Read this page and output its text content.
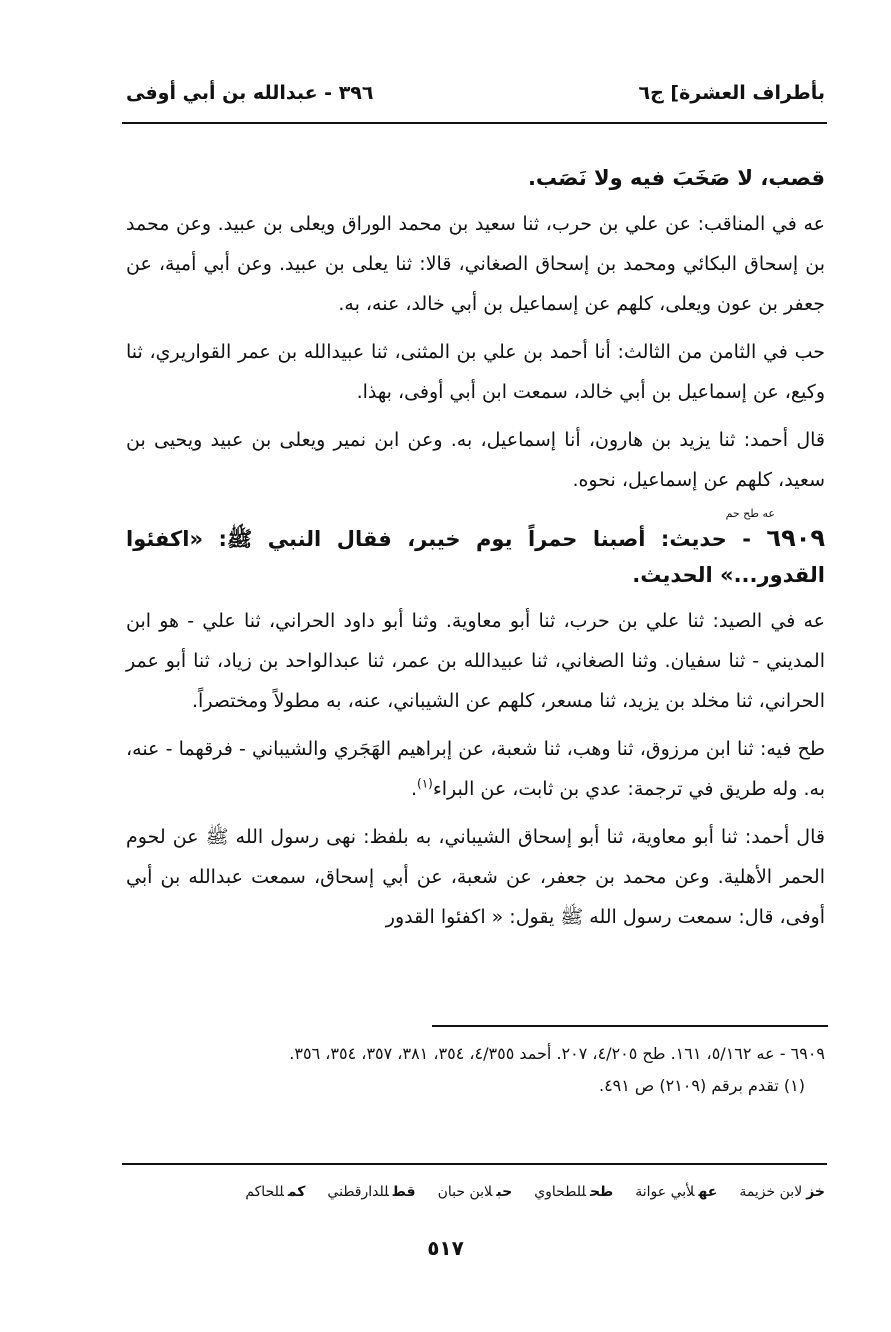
بأطراف العشرة] ج٦
٣٩٦ - عبدالله بن أبي أوفى

قصب، لا صَخَبَ فيه ولا نَصَب.

عه في المناقب: عن علي بن حرب، ثنا سعيد بن محمد الوراق ويعلى بن عبيد. وعن محمد بن إسحاق البكائي ومحمد بن إسحاق الصغاني، قالا: ثنا يعلى بن عبيد. وعن أبي أمية، عن جعفر بن عون ويعلى، كلهم عن إسماعيل بن أبي خالد، عنه، به.

حب في الثامن من الثالث: أنا أحمد بن علي بن المثنى، ثنا عبيدالله بن عمر القواريري، ثنا وكيع، عن إسماعيل بن أبي خالد، سمعت ابن أبي أوفى، بهذا.

قال أحمد: ثنا يزيد بن هارون، أنا إسماعيل، به. وعن ابن نمير ويعلى بن عبيد ويحيى بن سعيد، كلهم عن إسماعيل، نحوه.

عه طح حم
٦٩٠٩ - حديث: أصبنا حمراً يوم خيبر، فقال النبي ﷺ: «اكفئوا القدور...» الحديث.

عه في الصيد: ثنا علي بن حرب، ثنا أبو معاوية. وثنا أبو داود الحراني، ثنا علي - هو ابن المديني - ثنا سفيان. وثنا الصغاني، ثنا عبيدالله بن عمر، ثنا عبدالواحد بن زياد، ثنا أبو عمر الحراني، ثنا مخلد بن يزيد، ثنا مسعر، كلهم عن الشيباني، عنه، به مطولاً ومختصراً.

طح فيه: ثنا ابن مرزوق، ثنا وهب، ثنا شعبة، عن إبراهيم الهَجَري والشيباني - فرقهما - عنه، به. وله طريق في ترجمة: عدي بن ثابت، عن البراء$^{(١)}$.

قال أحمد: ثنا أبو معاوية، ثنا أبو إسحاق الشيباني، به بلفظ: نهى رسول الله ﷺ عن لحوم الحمر الأهلية. وعن محمد بن جعفر، عن شعبة، عن أبي إسحاق، سمعت عبدالله بن أبي أوفى، قال: سمعت رسول الله ﷺ يقول: « اكفئوا القدور

٦٩٠٩ - عه ٥/١٦٢، ١٦١. طح ٤/٢٠٥، ٢٠٧. أحمد ٤/٣٥٥، ٣٥٤، ٣٨١، ٣٥٧، ٣٥٤، ٣٥٦.
(١) تقدم برقم (٢١٠٩) ص ٤٩١.
خزلابن خزيمة
عهلأبي عوانة
طحللطحاوي
حبلابن حبان
قطللدارقطني
كمللحاكم
٥١٧
